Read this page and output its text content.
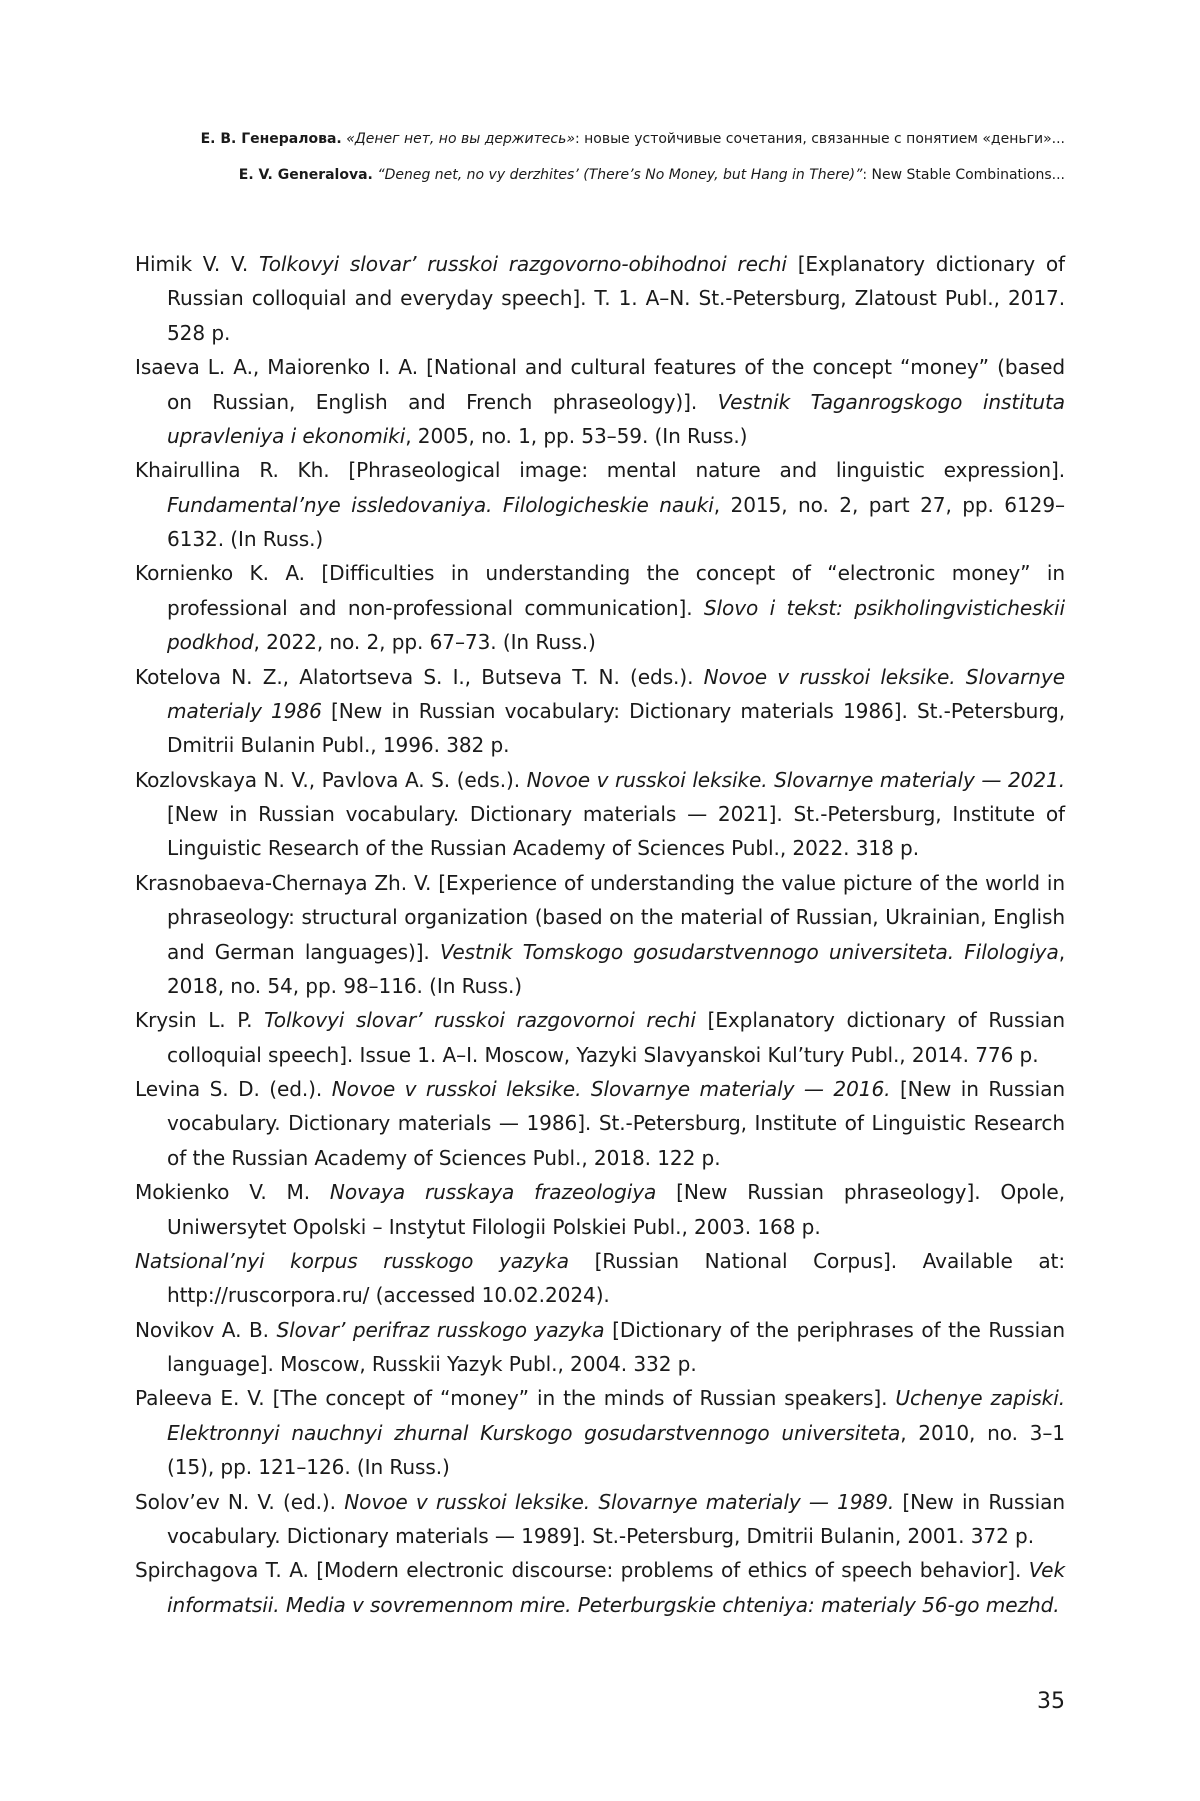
Е. В. Генералова. «Денег нет, но вы держитесь»: новые устойчивые сочетания, связанные с понятием «деньги»...
E. V. Generalova. “Deneg net, no vy derzhites’ (There’s No Money, but Hang in There)”: New Stable Combinations...
Himik V. V. Tolkovyi slovar’ russkoi razgovorno-obihodnoi rechi [Explanatory dictionary of Russian colloquial and everyday speech]. T. 1. A–N. St.-Petersburg, Zlatoust Publ., 2017. 528 p.
Isaeva L. A., Maiorenko I. A. [National and cultural features of the concept “money” (based on Russian, English and French phraseology)]. Vestnik Taganrogskogo instituta upravleniya i ekonomiki, 2005, no. 1, pp. 53–59. (In Russ.)
Khairullina R. Kh. [Phraseological image: mental nature and linguistic expression]. Fundamental’nye issledovaniya. Filologicheskie nauki, 2015, no. 2, part 27, pp. 6129–6132. (In Russ.)
Kornienko K. A. [Difficulties in understanding the concept of “electronic money” in professional and non-professional communication]. Slovo i tekst: psikholingvisticheskii podkhod, 2022, no. 2, pp. 67–73. (In Russ.)
Kotelova N. Z., Alatortseva S. I., Butseva T. N. (eds.). Novoe v russkoi leksike. Slovarnye materialy 1986 [New in Russian vocabulary: Dictionary materials 1986]. St.-Petersburg, Dmitrii Bulanin Publ., 1996. 382 p.
Kozlovskaya N. V., Pavlova A. S. (eds.). Novoe v russkoi leksike. Slovarnye materialy — 2021. [New in Russian vocabulary. Dictionary materials — 2021]. St.-Petersburg, Institute of Linguistic Research of the Russian Academy of Sciences Publ., 2022. 318 p.
Krasnobaeva-Chernaya Zh. V. [Experience of understanding the value picture of the world in phraseology: structural organization (based on the material of Russian, Ukrainian, English and German languages)]. Vestnik Tomskogo gosudarstvennogo universiteta. Filologiya, 2018, no. 54, pp. 98–116. (In Russ.)
Krysin L. P. Tolkovyi slovar’ russkoi razgovornoi rechi [Explanatory dictionary of Russian colloquial speech]. Issue 1. A–I. Moscow, Yazyki Slavyanskoi Kul’tury Publ., 2014. 776 p.
Levina S. D. (ed.). Novoe v russkoi leksike. Slovarnye materialy — 2016. [New in Russian vocabulary. Dictionary materials — 1986]. St.-Petersburg, Institute of Linguistic Research of the Russian Academy of Sciences Publ., 2018. 122 p.
Mokienko V. M. Novaya russkaya frazeologiya [New Russian phraseology]. Opole, Uniwersytet Opolski – Instytut Filologii Polskiei Publ., 2003. 168 p.
Natsional’nyi korpus russkogo yazyka [Russian National Corpus]. Available at: http://ruscorpora.ru/ (accessed 10.02.2024).
Novikov A. B. Slovar’ perifraz russkogo yazyka [Dictionary of the periphrases of the Russian language]. Moscow, Russkii Yazyk Publ., 2004. 332 p.
Paleeva E. V. [The concept of “money” in the minds of Russian speakers]. Uchenye zapiski. Elektronnyi nauchnyi zhurnal Kurskogo gosudarstvennogo universiteta, 2010, no. 3–1 (15), pp. 121–126. (In Russ.)
Solov’ev N. V. (ed.). Novoe v russkoi leksike. Slovarnye materialy — 1989. [New in Russian vocabulary. Dictionary materials — 1989]. St.-Petersburg, Dmitrii Bulanin, 2001. 372 p.
Spirchagova T. A. [Modern electronic discourse: problems of ethics of speech behavior]. Vek informatsii. Media v sovremennom mire. Peterburgskie chteniya: materialy 56-go mezhd.
35
